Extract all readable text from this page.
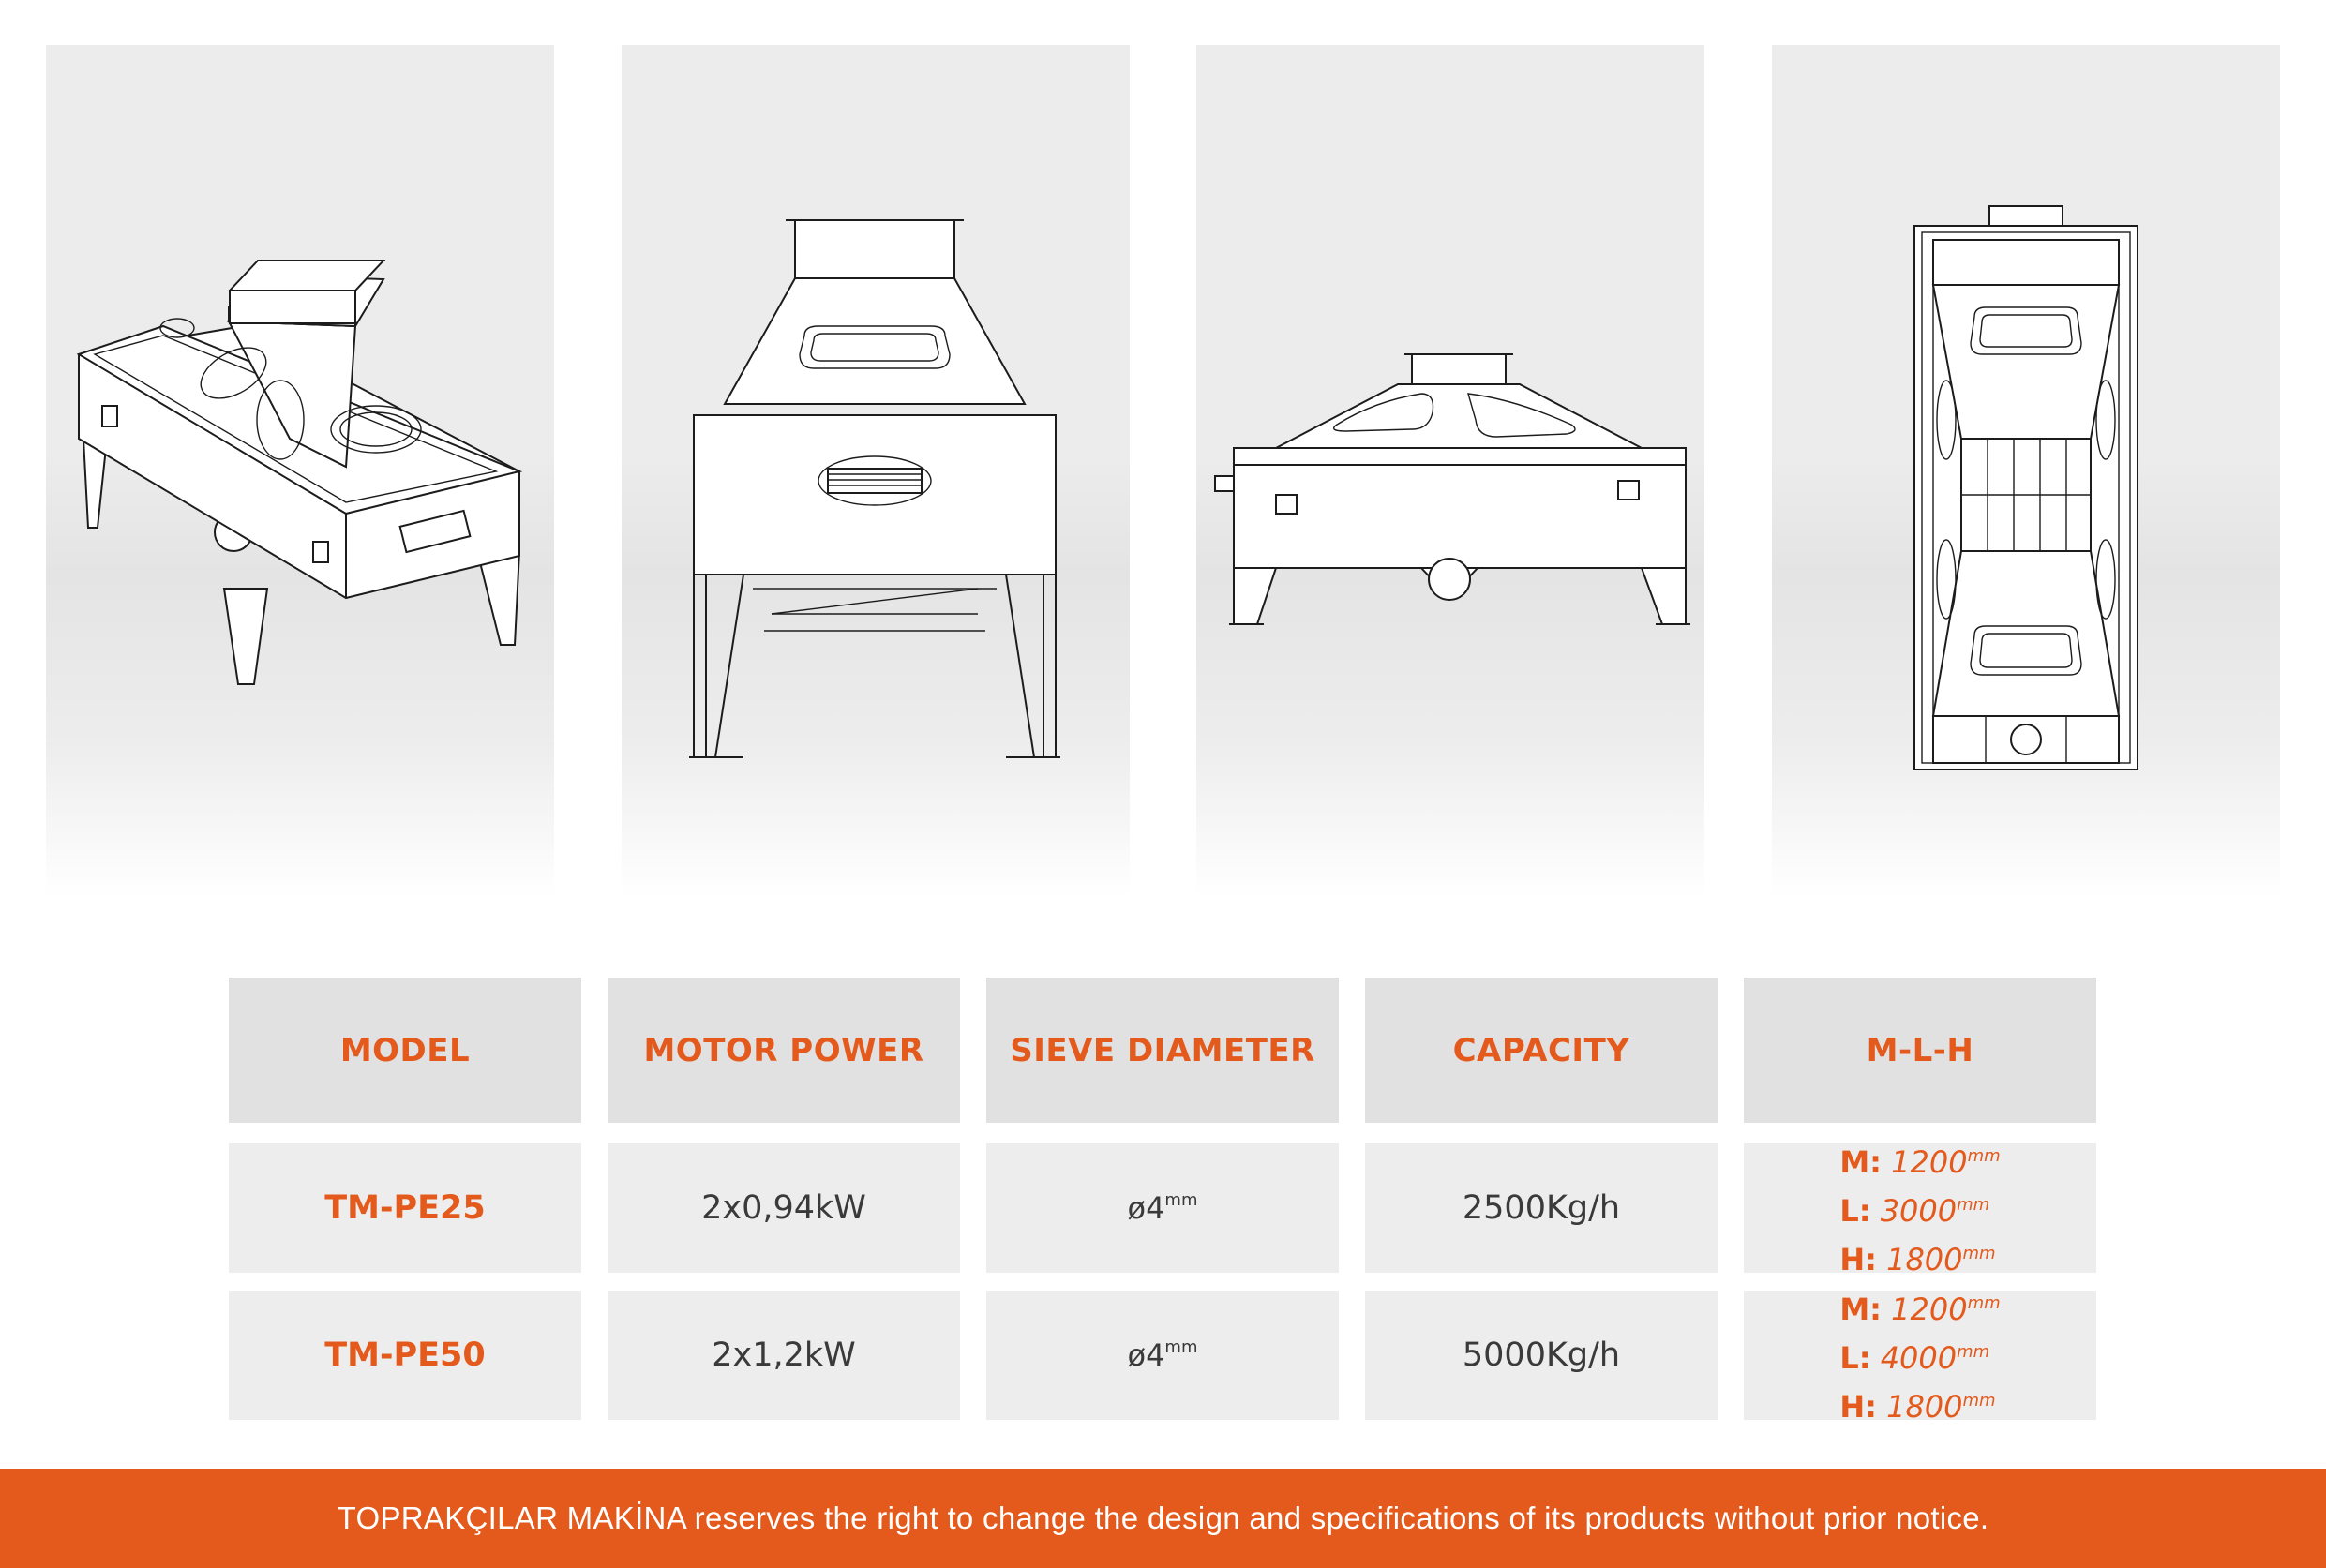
MODEL	MOTOR POWER	SIEVE DIAMETER	CAPACITY	M-L-H
TM-PE25	2x0,94kW	$ø4^{mm}$	2500Kg/h
M: $1200^{mm}$
L: $3000^{mm}$
H: $1800^{mm}$
TM-PE50	2x1,2kW	$ø4^{mm}$	5000Kg/h
M: $1200^{mm}$
L: $4000^{mm}$
H: $1800^{mm}$
TOPRAKÇILAR MAKİNA reserves the right to change the design and specifications of its products without prior notice.
